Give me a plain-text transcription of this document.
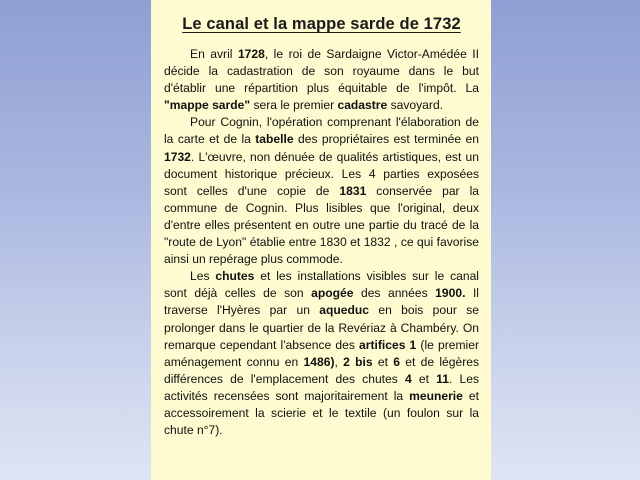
Le canal et la mappe sarde de 1732

En avril 1728, le roi de Sardaigne Victor-Amédée II décide la cadastration de son royaume dans le but d'établir une répartition plus équitable de l'impôt. La "mappe sarde" sera le premier cadastre savoyard.

Pour Cognin, l'opération comprenant l'élaboration de la carte et de la tabelle des propriétaires est terminée en 1732. L'œuvre, non dénuée de qualités artistiques, est un document historique précieux. Les 4 parties exposées sont celles d'une copie de 1831 conservée par la commune de Cognin. Plus lisibles que l'original, deux d'entre elles présentent en outre une partie du tracé de la "route de Lyon" établie entre 1830 et 1832 , ce qui favorise ainsi un repérage plus commode.

Les chutes et les installations visibles sur le canal sont déjà celles de son apogée des années 1900. Il traverse l'Hyères par un aqueduc en bois pour se prolonger dans le quartier de la Revériaz à Chambéry. On remarque cependant l'absence des artifices 1 (le premier aménagement connu en 1486), 2 bis et 6 et de légères différences de l'emplacement des chutes 4 et 11. Les activités recensées sont majoritairement la meunerie et accessoirement la scierie et le textile (un foulon sur la chute n°7).
